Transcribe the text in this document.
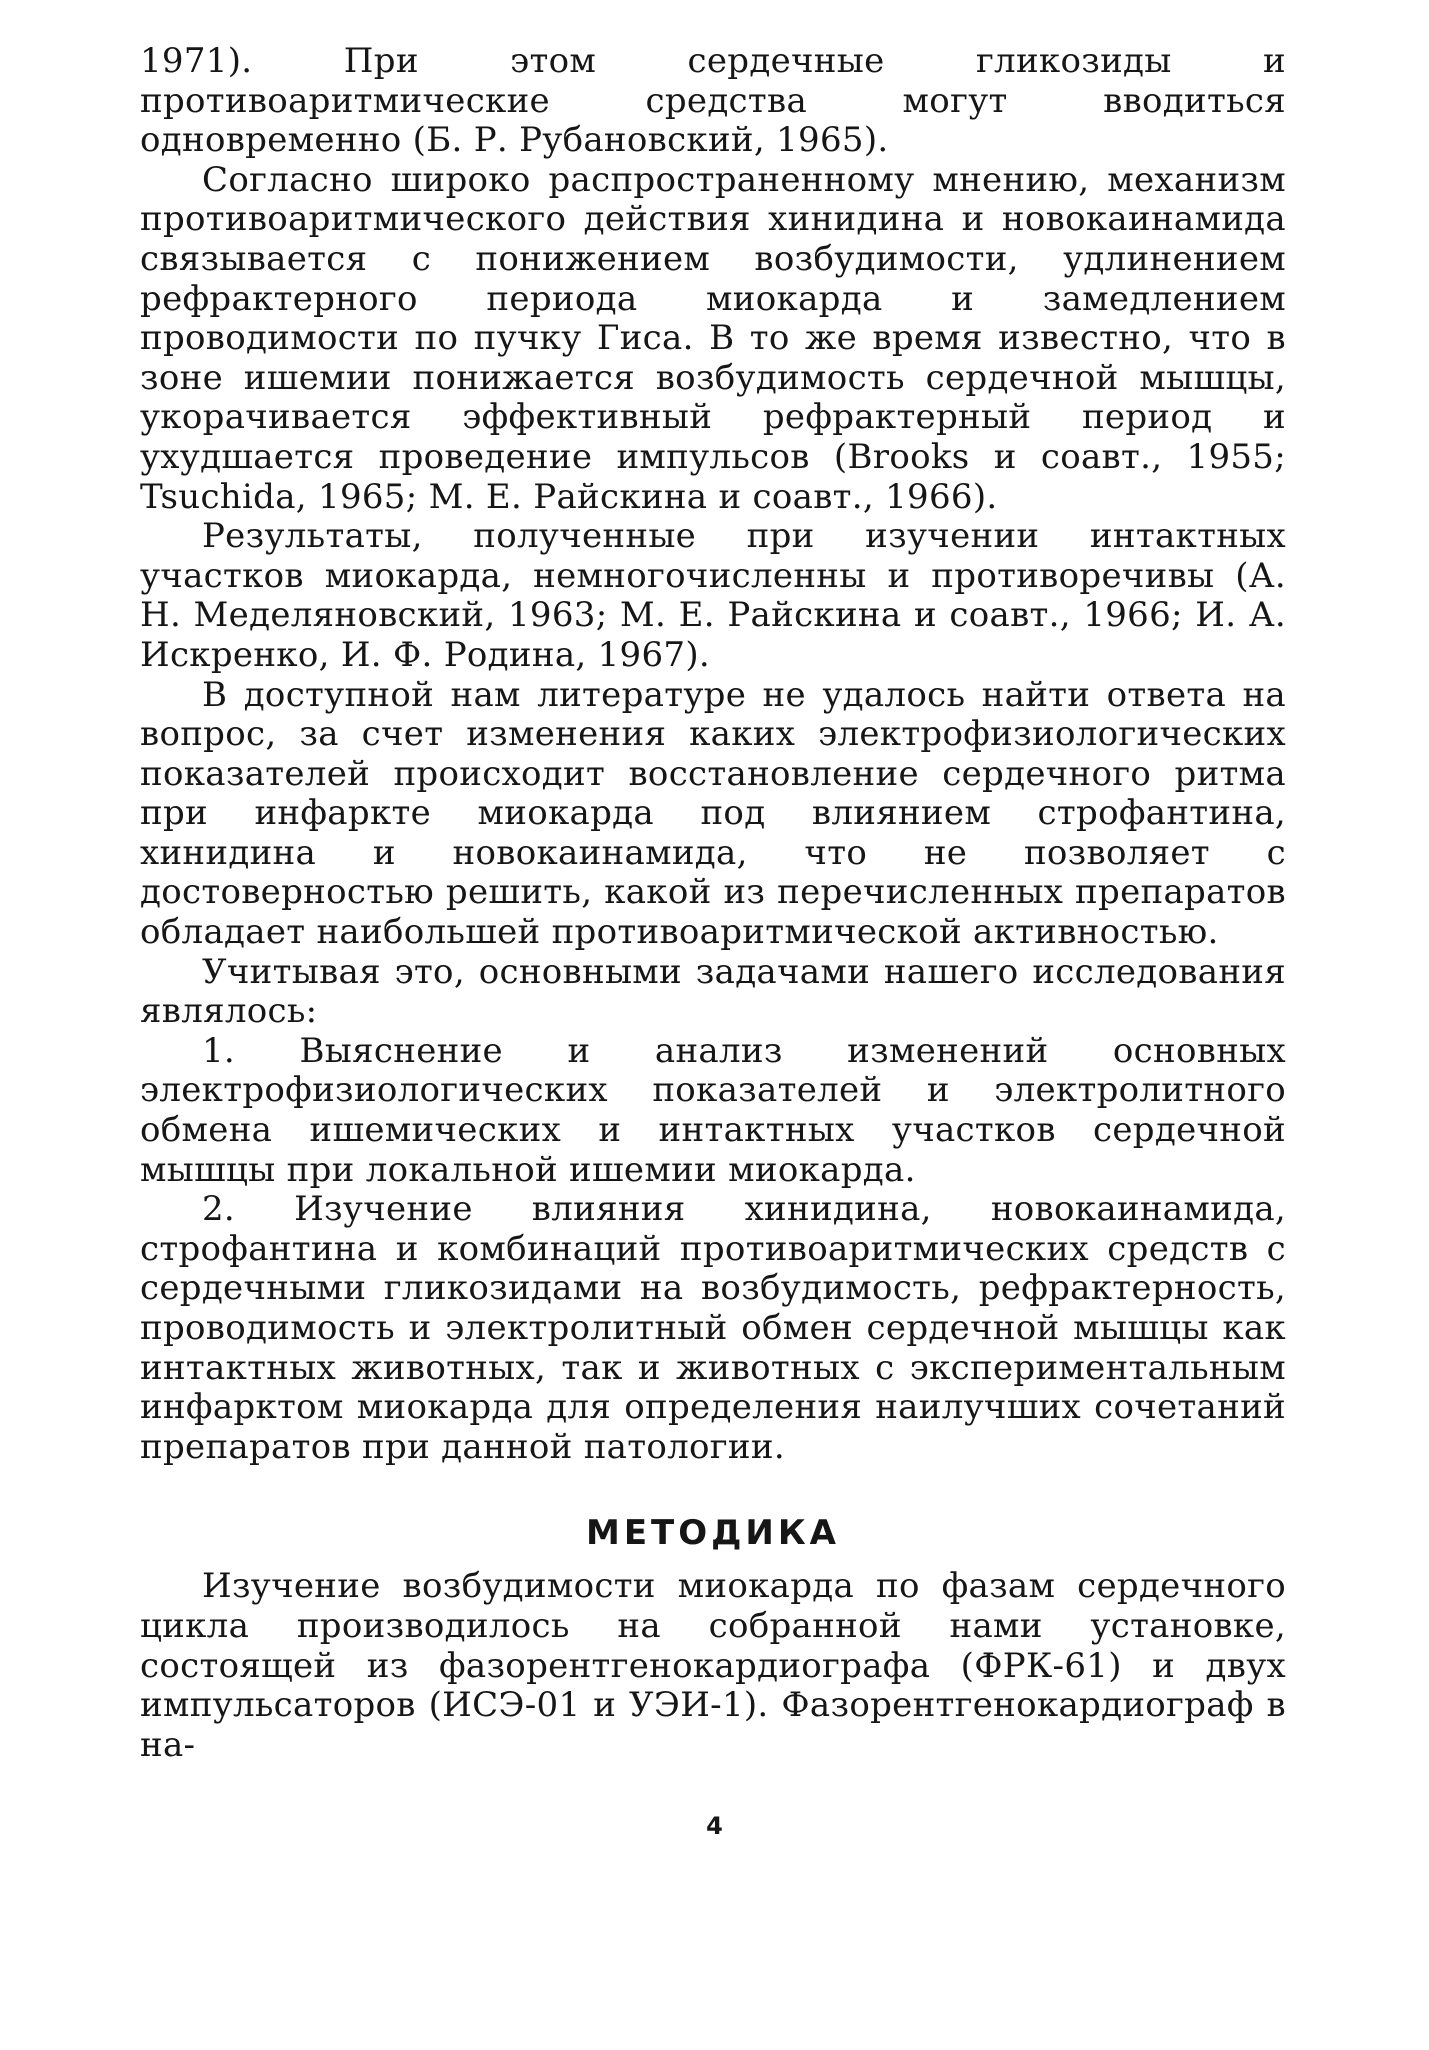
1971). При этом сердечные гликозиды и противоаритмические средства могут вводиться одновременно (Б. Р. Рубановский, 1965).

Согласно широко распространенному мнению, механизм противоаритмического действия хинидина и новокаинамида связывается с понижением возбудимости, удлинением рефрактерного периода миокарда и замедлением проводимости по пучку Гиса. В то же время известно, что в зоне ишемии понижается возбудимость сердечной мышцы, укорачивается эффективный рефрактерный период и ухудшается проведение импульсов (Brooks и соавт., 1955; Tsuchida, 1965; М. Е. Райскина и соавт., 1966).

Результаты, полученные при изучении интактных участков миокарда, немногочисленны и противоречивы (А. Н. Меделяновский, 1963; М. Е. Райскина и соавт., 1966; И. А. Искренко, И. Ф. Родина, 1967).

В доступной нам литературе не удалось найти ответа на вопрос, за счет изменения каких электрофизиологических показателей происходит восстановление сердечного ритма при инфаркте миокарда под влиянием строфантина, хинидина и новокаинамида, что не позволяет с достоверностью решить, какой из перечисленных препаратов обладает наибольшей противоаритмической активностью.

Учитывая это, основными задачами нашего исследования являлось:

1. Выяснение и анализ изменений основных электрофизиологических показателей и электролитного обмена ишемических и интактных участков сердечной мышцы при локальной ишемии миокарда.

2. Изучение влияния хинидина, новокаинамида, строфантина и комбинаций противоаритмических средств с сердечными гликозидами на возбудимость, рефрактерность, проводимость и электролитный обмен сердечной мышцы как интактных животных, так и животных с экспериментальным инфарктом миокарда для определения наилучших сочетаний препаратов при данной патологии.

МЕТОДИКА

Изучение возбудимости миокарда по фазам сердечного цикла производилось на собранной нами установке, состоящей из фазорентгенокардиографа (ФРК-61) и двух импульсаторов (ИСЭ-01 и УЭИ-1). Фазорентгенокардиограф в на-

4
